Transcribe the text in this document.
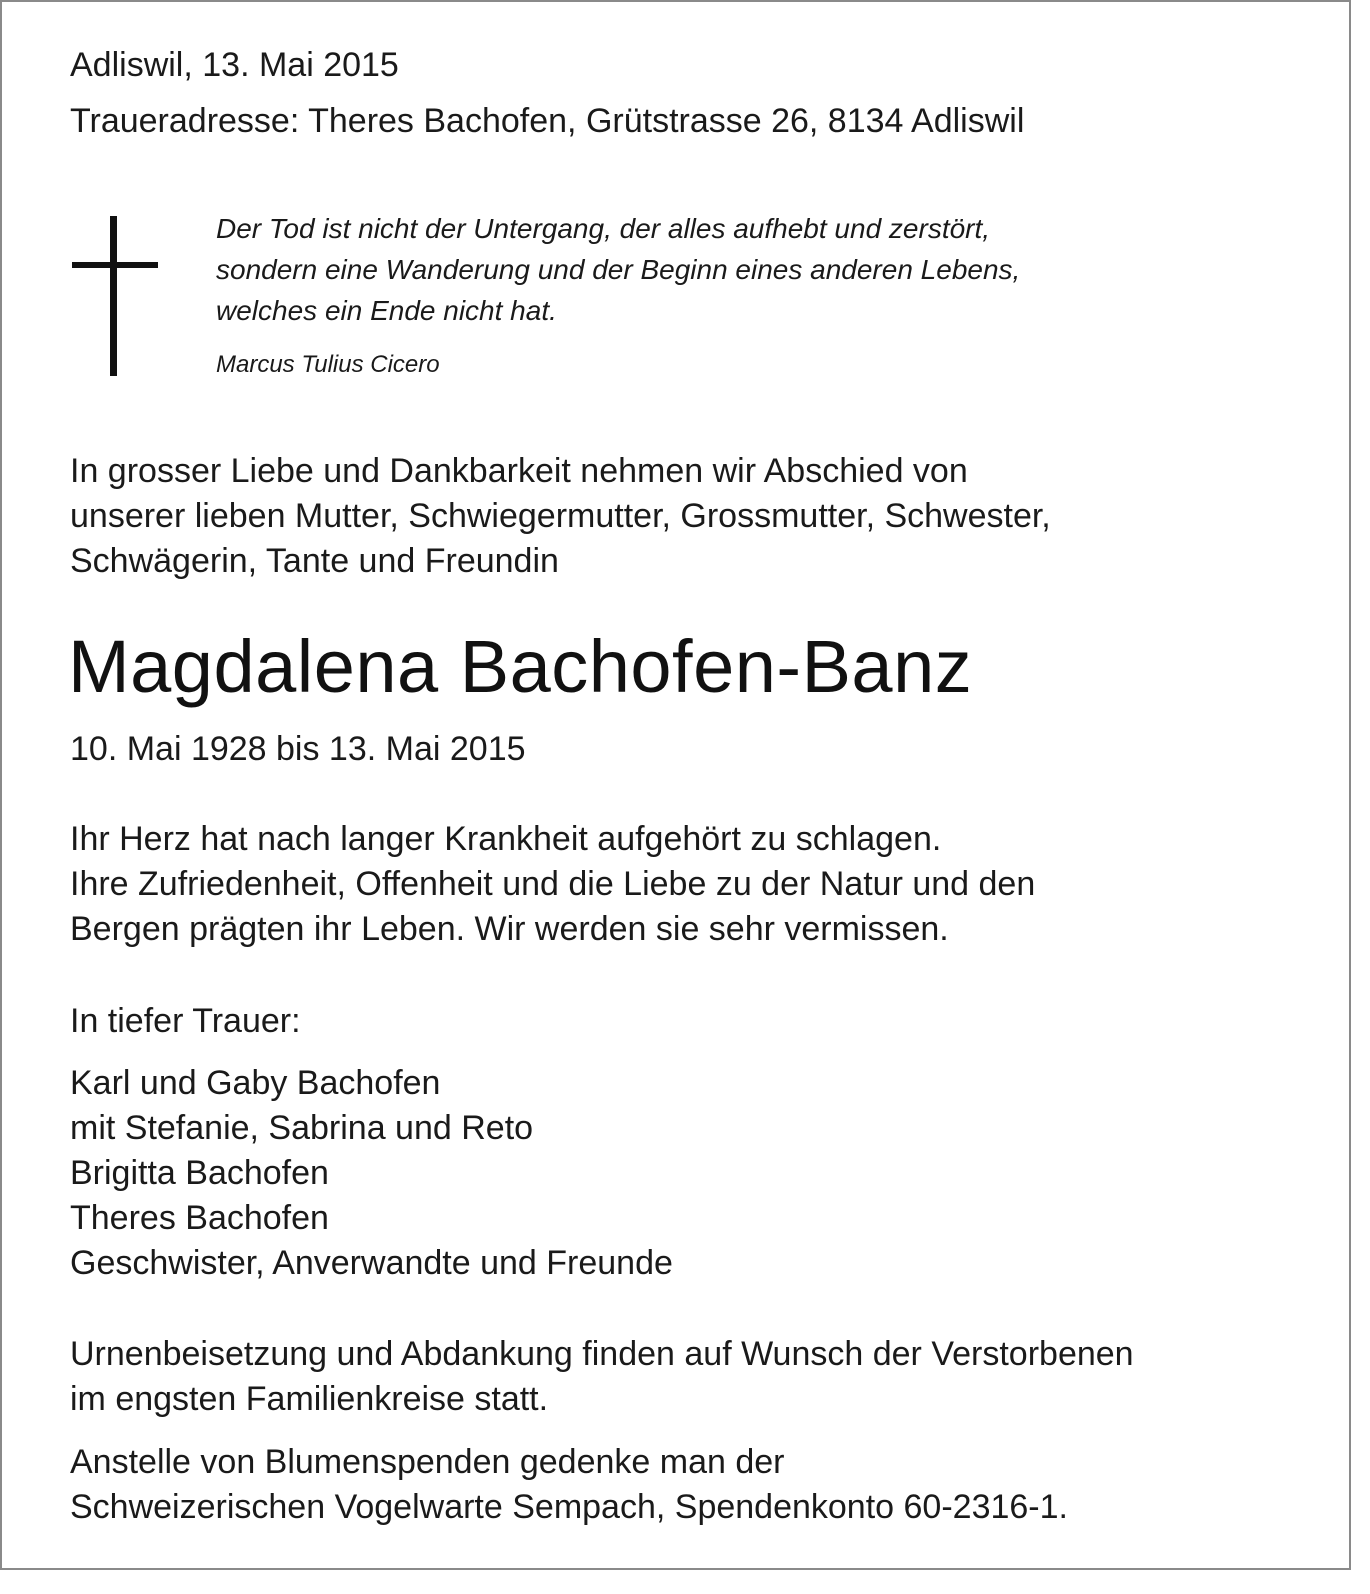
Adliswil, 13. Mai 2015

Traueradresse: Theres Bachofen, Grütstrasse 26, 8134 Adliswil

Der Tod ist nicht der Untergang, der alles aufhebt und zerstört,
sondern eine Wanderung und der Beginn eines anderen Lebens,
welches ein Ende nicht hat.

Marcus Tulius Cicero

In grosser Liebe und Dankbarkeit nehmen wir Abschied von
unserer lieben Mutter, Schwiegermutter, Grossmutter, Schwester,
Schwägerin, Tante und Freundin

Magdalena Bachofen-Banz

10. Mai 1928 bis 13. Mai 2015

Ihr Herz hat nach langer Krankheit aufgehört zu schlagen.
Ihre Zufriedenheit, Offenheit und die Liebe zu der Natur und den
Bergen prägten ihr Leben. Wir werden sie sehr vermissen.

In tiefer Trauer:

Karl und Gaby Bachofen
mit Stefanie, Sabrina und Reto
Brigitta Bachofen
Theres Bachofen
Geschwister, Anverwandte und Freunde

Urnenbeisetzung und Abdankung finden auf Wunsch der Verstorbenen
im engsten Familienkreise statt.

Anstelle von Blumenspenden gedenke man der
Schweizerischen Vogelwarte Sempach, Spendenkonto 60-2316-1.
